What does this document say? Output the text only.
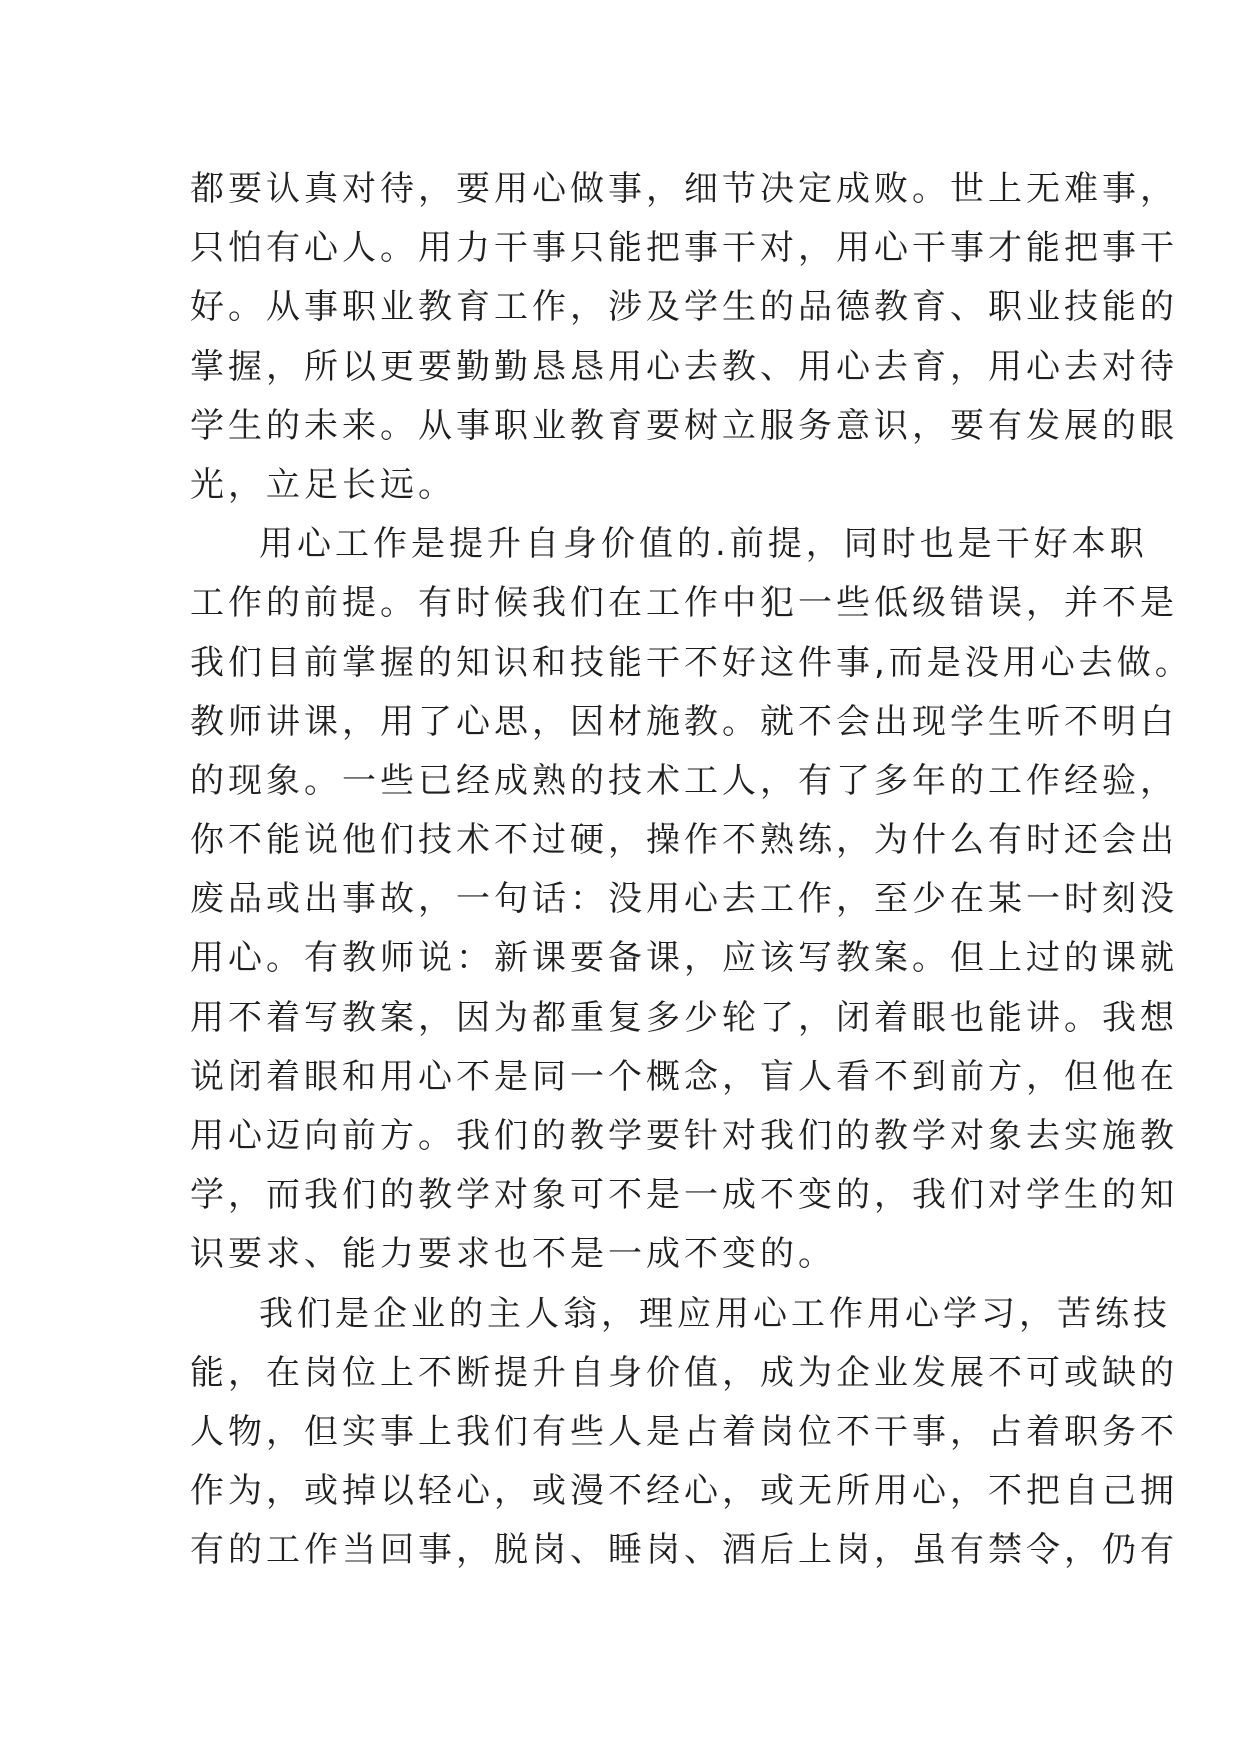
都要认真对待，要用心做事，细节决定成败。世上无难事，
只怕有心人。用力干事只能把事干对，用心干事才能把事干
好。从事职业教育工作，涉及学生的品德教育、职业技能的
掌握，所以更要勤勤恳恳用心去教、用心去育，用心去对待
学生的未来。从事职业教育要树立服务意识，要有发展的眼
光，立足长远。
用心工作是提升自身价值的.前提，同时也是干好本职
工作的前提。有时候我们在工作中犯一些低级错误，并不是
我们目前掌握的知识和技能干不好这件事,而是没用心去做。
教师讲课，用了心思，因材施教。就不会出现学生听不明白
的现象。一些已经成熟的技术工人，有了多年的工作经验，
你不能说他们技术不过硬，操作不熟练，为什么有时还会出
废品或出事故，一句话：没用心去工作，至少在某一时刻没
用心。有教师说：新课要备课，应该写教案。但上过的课就
用不着写教案，因为都重复多少轮了，闭着眼也能讲。我想
说闭着眼和用心不是同一个概念，盲人看不到前方，但他在
用心迈向前方。我们的教学要针对我们的教学对象去实施教
学，而我们的教学对象可不是一成不变的，我们对学生的知
识要求、能力要求也不是一成不变的。
我们是企业的主人翁，理应用心工作用心学习，苦练技
能，在岗位上不断提升自身价值，成为企业发展不可或缺的
人物，但实事上我们有些人是占着岗位不干事，占着职务不
作为，或掉以轻心，或漫不经心，或无所用心，不把自己拥
有的工作当回事，脱岗、睡岗、酒后上岗，虽有禁令，仍有
